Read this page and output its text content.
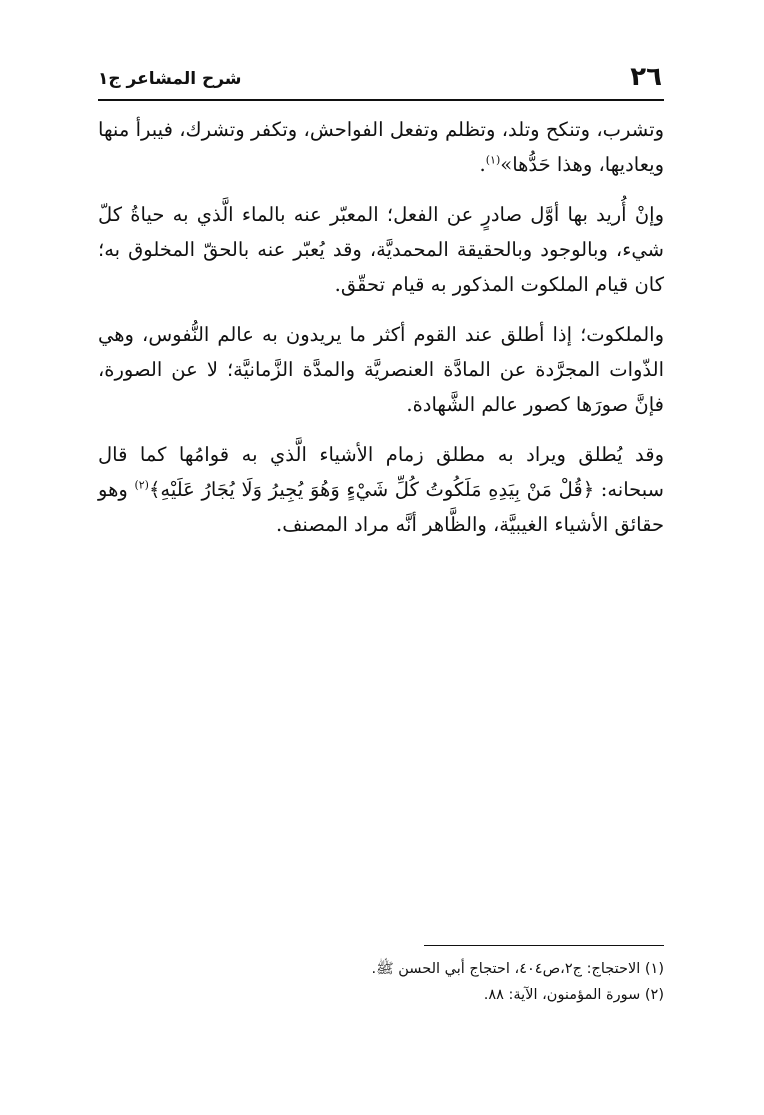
٢٦
شرح المشاعر ج١

وتشرب، وتنكح وتلد، وتظلم وتفعل الفواحش، وتكفر وتشرك، فيبرأ منها ويعاديها، وهذا حَدُّها»$^{(١)}$.

وإنْ أُريد بها أوَّل صادرٍ عن الفعل؛ المعبّر عنه بالماء الَّذي به حياةُ كلّ شيء، وبالوجود وبالحقيقة المحمديَّة، وقد يُعبّر عنه بالحقّ المخلوق به؛ كان قيام الملكوت المذكور به قيام تحقّق.

والملكوت؛ إذا أطلق عند القوم أكثر ما يريدون به عالم النُّفوس، وهي الذّوات المجرَّدة عن المادَّة العنصريَّة والمدَّة الزَّمانيَّة؛ لا عن الصورة، فإنَّ صورَها كصور عالم الشَّهادة.

وقد يُطلق ويراد به مطلق زمام الأشياء الَّذي به قوامُها كما قال سبحانه: ﴿قُلْ مَنْ بِيَدِهِ مَلَكُوتُ كُلِّ شَيْءٍ وَهُوَ يُجِيرُ وَلَا يُجَارُ عَلَيْهِ﴾$^{(٢)}$ وهو حقائق الأشياء الغيبيَّة، والظَّاهر أنَّه مراد المصنف.

(١) الاحتجاج: ج٢،ص٤٠٤، احتجاج أبي الحسن ﷺ.
(٢) سورة المؤمنون، الآية: ٨٨.
